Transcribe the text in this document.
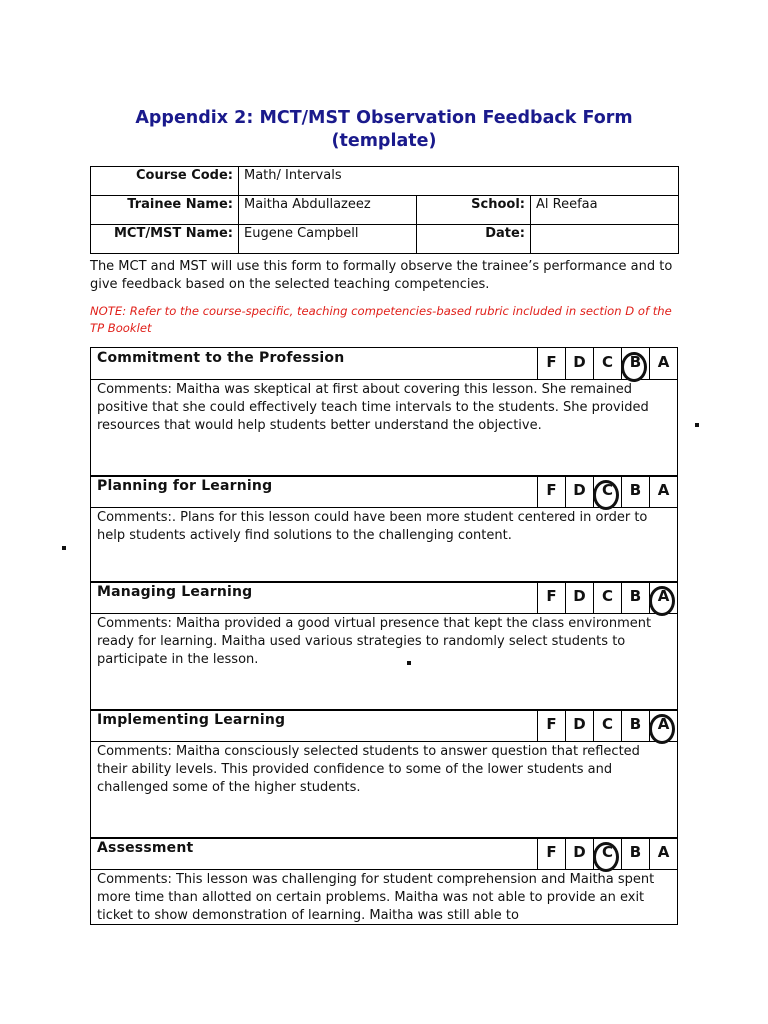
Appendix 2: MCT/MST Observation Feedback Form
(template)
Course Code:	Math/ Intervals		
Trainee Name:	Maitha Abdullazeez	School:	Al Reefaa
MCT/MST Name:	Eugene Campbell	Date:	
The MCT and MST will use this form to formally observe the trainee’s performance and to give feedback based on the selected teaching competencies.
NOTE: Refer to the course-specific, teaching competencies-based rubric included in section D of the TP Booklet
Commitment to the Profession	F	D	C	B	A
Comments: Maitha was skeptical at first about covering this lesson. She remained positive that she could effectively teach time intervals to the students. She provided resources that would help students better understand the objective.
Planning for Learning	F	D	C	B	A
Comments:. Plans for this lesson could have been more student centered in order to help students actively find solutions to the challenging content.
Managing Learning	F	D	C	B	A
Comments: Maitha provided a good virtual presence that kept the class environment ready for learning. Maitha used various strategies to randomly select students to participate in the lesson.
Implementing Learning	F	D	C	B	A
Comments: Maitha consciously selected students to answer question that reflected their ability levels. This provided confidence to some of the lower students and challenged some of the higher students.
Assessment	F	D	C	B	A
Comments: This lesson was challenging for student comprehension and Maitha spent more time than allotted on certain problems. Maitha was not able to provide an exit ticket to show demonstration of learning. Maitha was still able to
